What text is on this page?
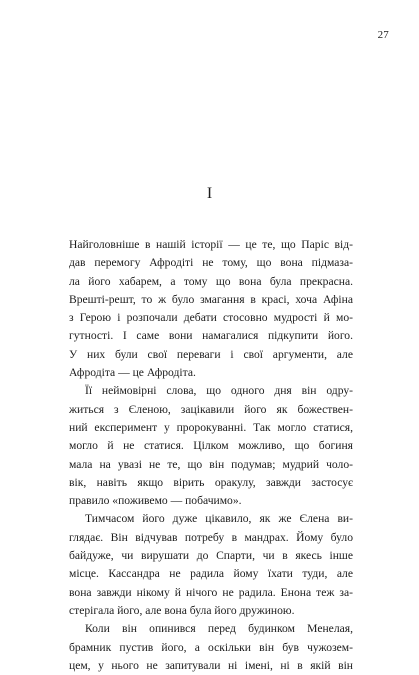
27
I

Найголовніше в нашій історії — це те, що Паріс від-
дав перемогу Афродіті не тому, що вона підмаза-
ла його хабарем, а тому що вона була прекрасна.
Врешті-решт, то ж було змагання в красі, хоча Афіна
з Герою і розпочали дебати стосовно мудрості й мо-
гутності. І саме вони намагалися підкупити його.
У них були свої переваги і свої аргументи, але
Афродіта — це Афродіта.

Її неймовірні слова, що одного дня він одру-
житься з Єленою, зацікавили його як божествен-
ний експеримент у пророкуванні. Так могло статися,
могло й не статися. Цілком можливо, що богиня
мала на увазі не те, що він подумав; мудрий чоло-
вік, навіть якщо вірить оракулу, завжди застосує
правило «поживемо — побачимо».

Тимчасом його дуже цікавило, як же Єлена ви-
глядає. Він відчував потребу в мандрах. Йому було
байдуже, чи вирушати до Спарти, чи в якесь інше
місце. Кассандра не радила йому їхати туди, але
вона завжди нікому й нічого не радила. Енона теж за-
стерігала його, але вона була його дружиною.

Коли він опинився перед будинком Менелая,
брамник пустив його, а оскільки він був чужозем-
цем, у нього не запитували ні імені, ні в якій він
